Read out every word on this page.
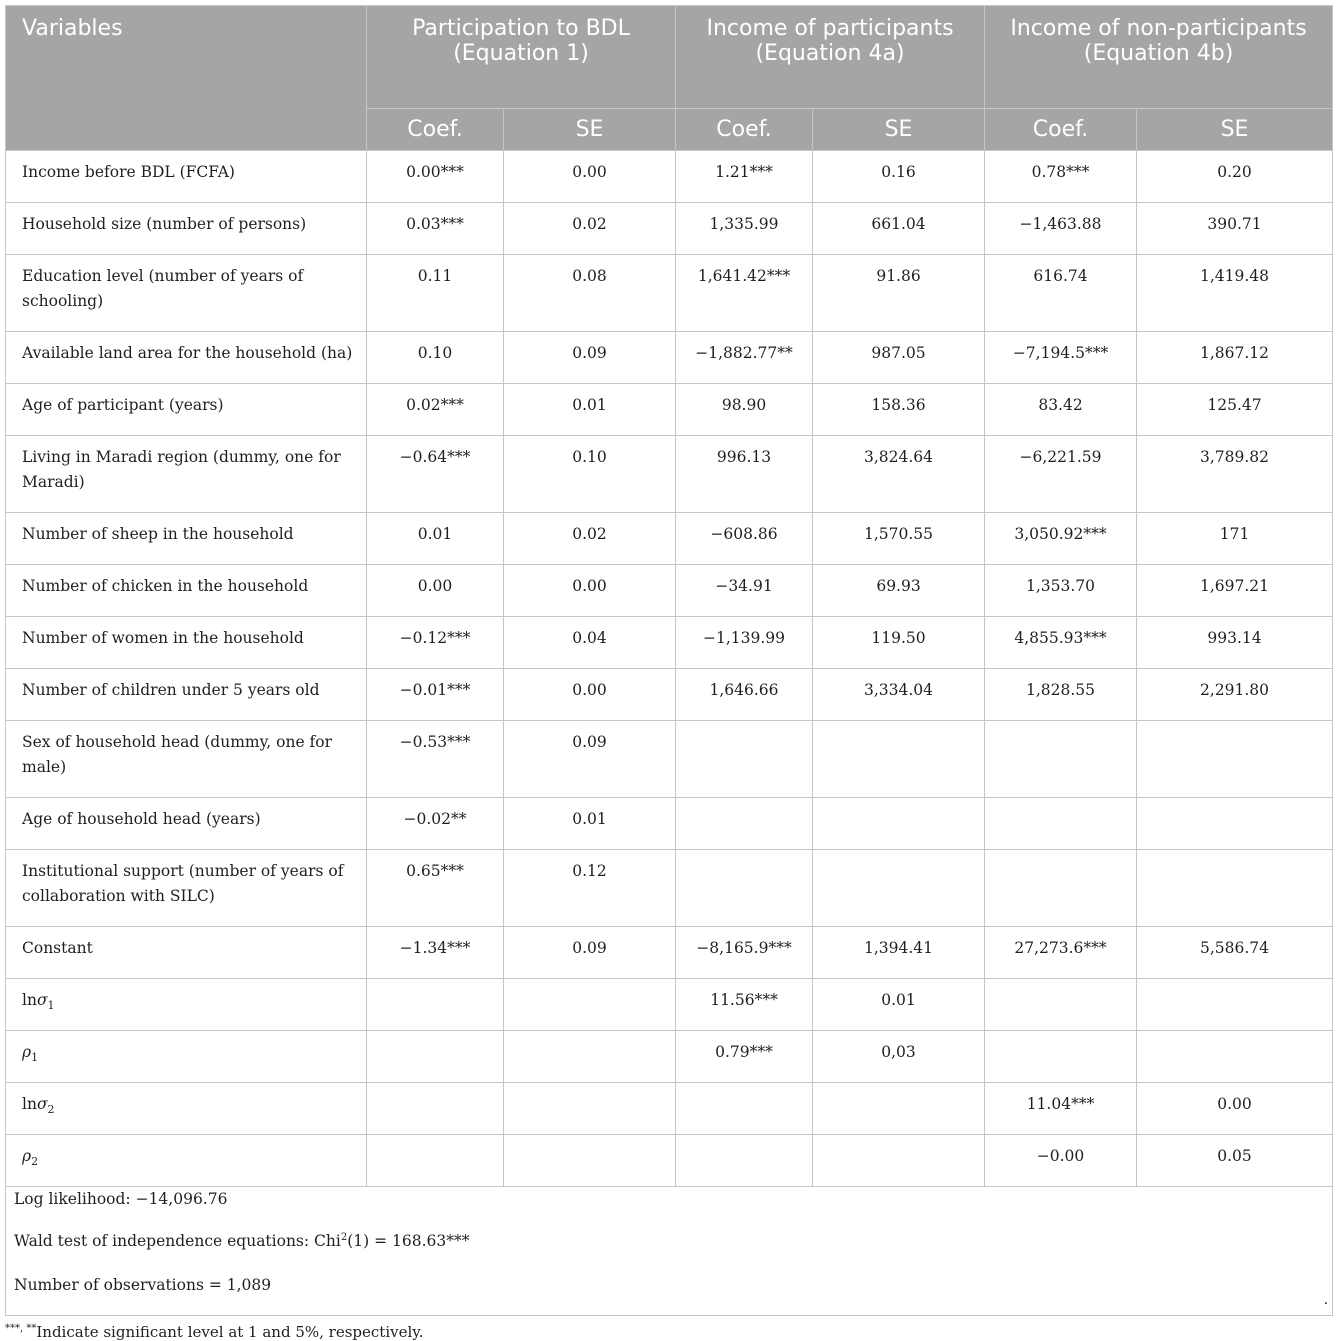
Variables	Participation to BDL (Equation 1)		Income of participants (Equation 4a)		Income of non-participants (Equation 4b)	
	Coef.	SE	Coef.	SE	Coef.	SE
Income before BDL (FCFA)	0.00***	0.00	1.21***	0.16	0.78***	0.20
Household size (number of persons)	0.03***	0.02	1,335.99	661.04	−1,463.88	390.71
Education level (number of years of schooling)	0.11	0.08	1,641.42***	91.86	616.74	1,419.48
Available land area for the household (ha)	0.10	0.09	−1,882.77**	987.05	−7,194.5***	1,867.12
Age of participant (years)	0.02***	0.01	98.90	158.36	83.42	125.47
Living in Maradi region (dummy, one for Maradi)	−0.64***	0.10	996.13	3,824.64	−6,221.59	3,789.82
Number of sheep in the household	0.01	0.02	−608.86	1,570.55	3,050.92***	171
Number of chicken in the household	0.00	0.00	−34.91	69.93	1,353.70	1,697.21
Number of women in the household	−0.12***	0.04	−1,139.99	119.50	4,855.93***	993.14
Number of children under 5 years old	−0.01***	0.00	1,646.66	3,334.04	1,828.55	2,291.80
Sex of household head (dummy, one for male)	−0.53***	0.09				
Age of household head (years)	−0.02**	0.01				
Institutional support (number of years of collaboration with SILC)	0.65***	0.12				
Constant	−1.34***	0.09	−8,165.9***	1,394.41	27,273.6***	5,586.74
lnσ$_1$			11.56***	0.01		
$\rho_1$			0.79***	0,03		
lnσ$_2$					11.04***	0.00
$\rho_2$					−0.00	0.05

Log likelihood: −14,096.76
Wald test of independence equations: Chi$^2$(1) = 168.63***
Number of observations = 1,089
.						
***, **Indicate significant level at 1 and 5%, respectively.
